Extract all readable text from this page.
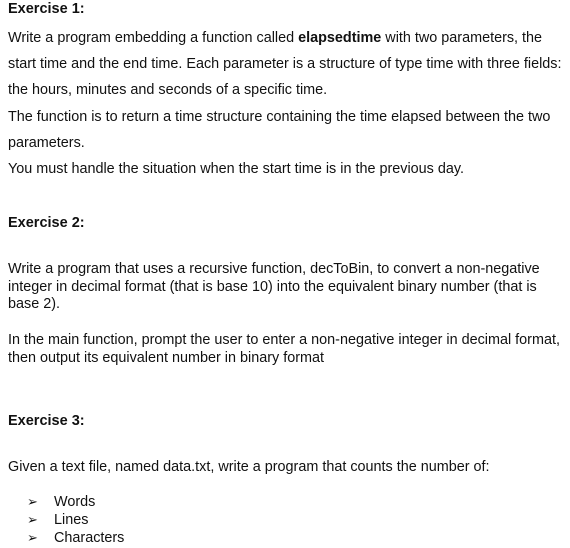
Exercise 1:

Write a program embedding a function called elapsedtime with two parameters, the start time and the end time. Each parameter is a structure of type time with three fields: the hours, minutes and seconds of a specific time.

The function is to return a time structure containing the time elapsed between the two parameters.

You must handle the situation when the start time is in the previous day.

Exercise 2:

Write a program that uses a recursive function, decToBin, to convert a non-negative integer in decimal format (that is base 10) into the equivalent binary number (that is base 2).

In the main function, prompt the user to enter a non-negative integer in decimal format, then output its equivalent number in binary format

Exercise 3:

Given a text file, named data.txt, write a program that counts the number of:

➢	Words
➢	Lines
➢	Characters
